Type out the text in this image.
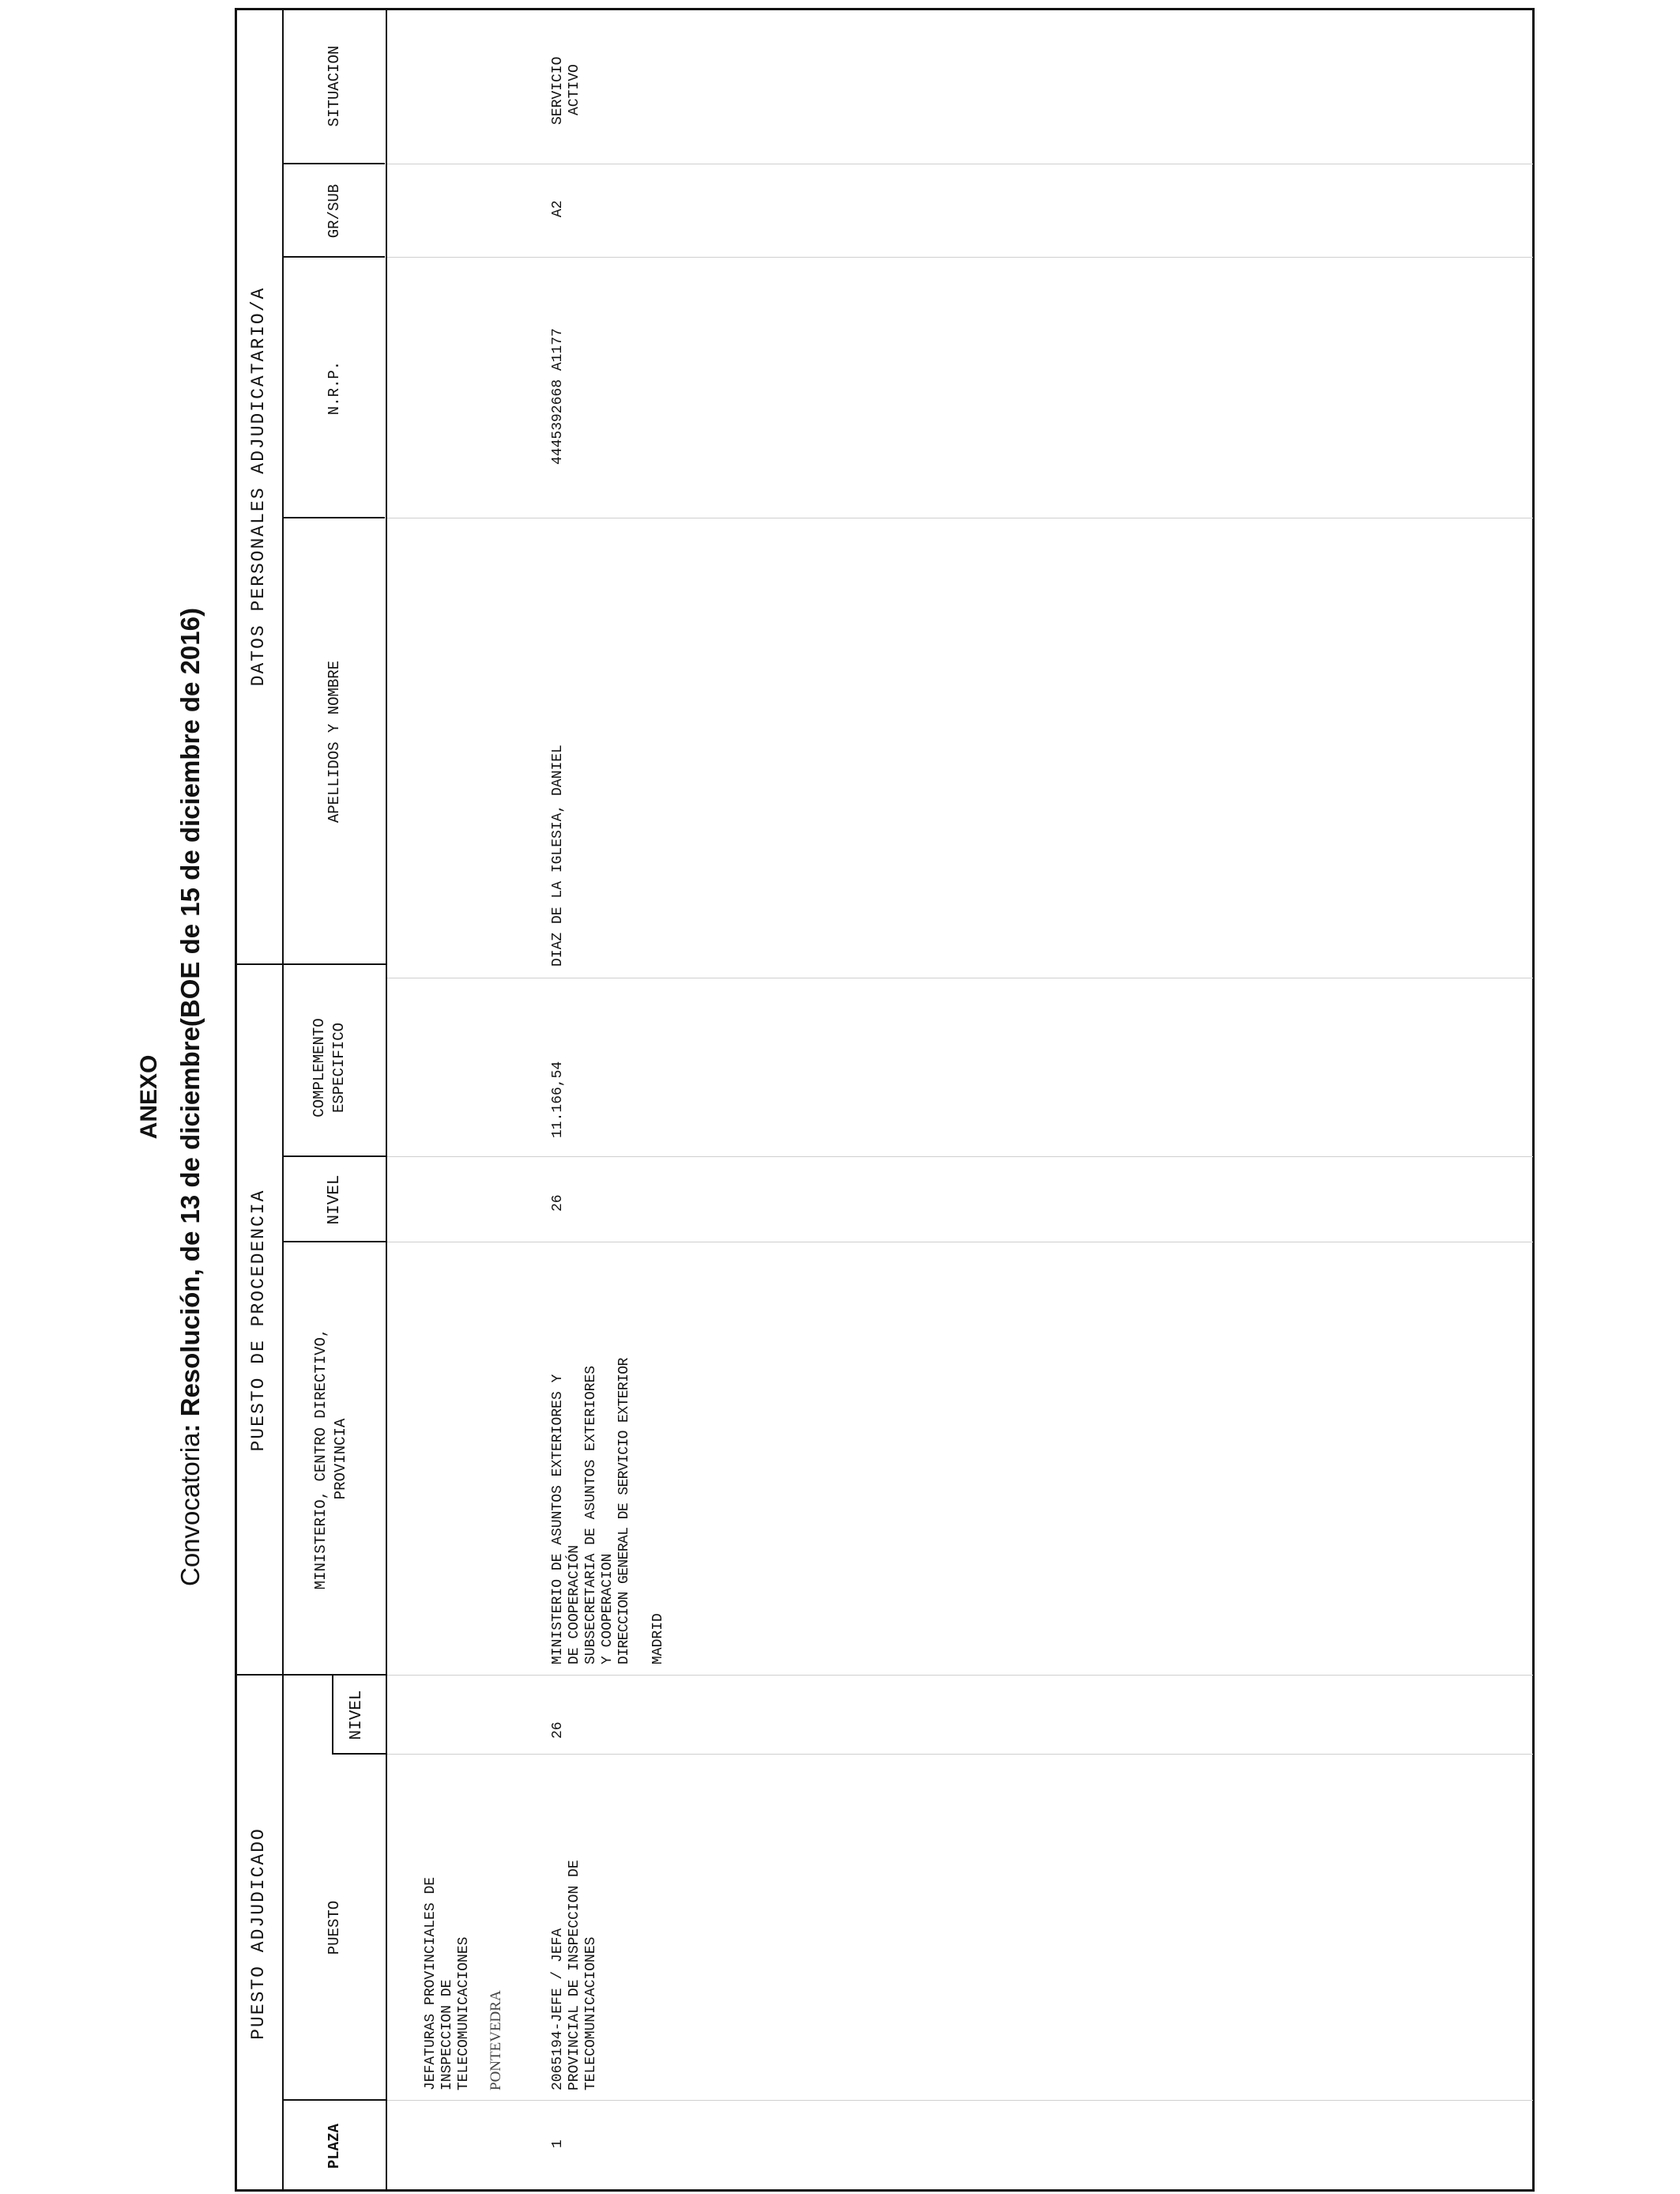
ANEXO
Convocatoria: Resolución, de 13 de diciembre(BOE de 15 de diciembre de 2016)
PUESTO ADJUDICADO
PUESTO DE PROCEDENCIA
DATOS PERSONALES ADJUDICATARIO/A
PLAZA
PUESTO
NIVEL
MINISTERIO, CENTRO DIRECTIVO, PROVINCIA
NIVEL
COMPLEMENTO ESPECIFICO
APELLIDOS Y NOMBRE
N.R.P.
GR/SUB
SITUACION
JEFATURAS PROVINCIALES DE INSPECCION DE TELECOMUNICACIONES PONTEVEDRA
1
2065194-JEFE / JEFA PROVINCIAL DE INSPECCION DE TELECOMUNICACIONES
26
MINISTERIO DE ASUNTOS EXTERIORES Y DE COOPERACIÓN SUBSECRETARIA DE ASUNTOS EXTERIORES Y COOPERACION DIRECCION GENERAL DE SERVICIO EXTERIOR MADRID
26
11.166,54
DIAZ DE LA IGLESIA, DANIEL
4445392668 A1177
A2
SERVICIO ACTIVO
